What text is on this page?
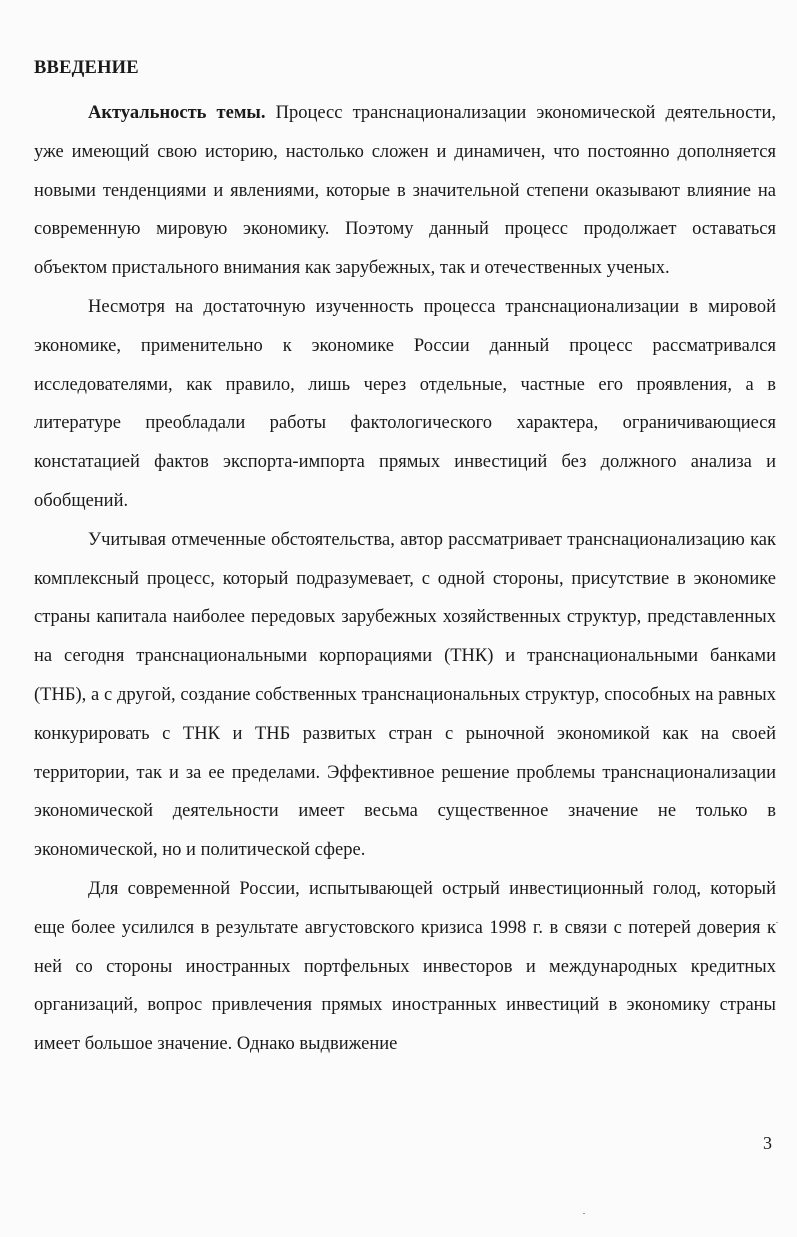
ВВЕДЕНИЕ

Актуальность темы. Процесс транснационализации экономической деятельности, уже имеющий свою историю, настолько сложен и динамичен, что постоянно дополняется новыми тенденциями и явлениями, которые в значительной степени оказывают влияние на современную мировую экономику. Поэтому данный процесс продолжает оставаться объектом пристального внимания как зарубежных, так и отечественных ученых.

Несмотря на достаточную изученность процесса транснационализации в мировой экономике, применительно к экономике России данный процесс рассматривался исследователями, как правило, лишь через отдельные, частные его проявления, а в литературе преобладали работы фактологического характера, ограничивающиеся констатацией фактов экспорта-импорта прямых инвестиций без должного анализа и обобщений.

Учитывая отмеченные обстоятельства, автор рассматривает транснационализацию как комплексный процесс, который подразумевает, с одной стороны, присутствие в экономике страны капитала наиболее передовых зарубежных хозяйственных структур, представленных на сегодня транснациональными корпорациями (ТНК) и транснациональными банками (ТНБ), а с другой, создание собственных транснациональных структур, способных на равных конкурировать с ТНК и ТНБ развитых стран с рыночной экономикой как на своей территории, так и за ее пределами. Эффективное решение проблемы транснационализации экономической деятельности имеет весьма существенное значение не только в экономической, но и политической сфере.

Для современной России, испытывающей острый инвестиционный голод, который еще более усилился в результате августовского кризиса 1998 г. в связи с потерей доверия к ней со стороны иностранных портфельных инвесторов и международных кредитных организаций, вопрос привлечения прямых иностранных инвестиций в экономику страны имеет большое значение. Однако выдвижение

3
